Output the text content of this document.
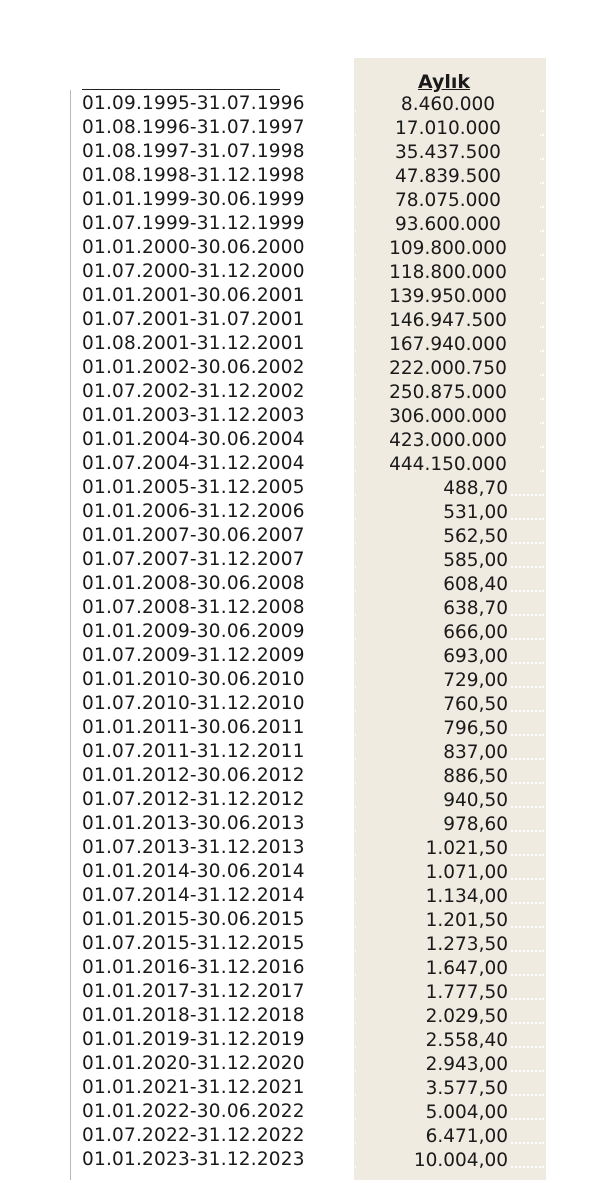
Aylık
01.09.1995-31.07.1996	8.460.000
01.08.1996-31.07.1997	17.010.000
01.08.1997-31.07.1998	35.437.500
01.08.1998-31.12.1998	47.839.500
01.01.1999-30.06.1999	78.075.000
01.07.1999-31.12.1999	93.600.000
01.01.2000-30.06.2000	109.800.000
01.07.2000-31.12.2000	118.800.000
01.01.2001-30.06.2001	139.950.000
01.07.2001-31.07.2001	146.947.500
01.08.2001-31.12.2001	167.940.000
01.01.2002-30.06.2002	222.000.750
01.07.2002-31.12.2002	250.875.000
01.01.2003-31.12.2003	306.000.000
01.01.2004-30.06.2004	423.000.000
01.07.2004-31.12.2004	444.150.000
01.01.2005-31.12.2005	488,70
01.01.2006-31.12.2006	531,00
01.01.2007-30.06.2007	562,50
01.07.2007-31.12.2007	585,00
01.01.2008-30.06.2008	608,40
01.07.2008-31.12.2008	638,70
01.01.2009-30.06.2009	666,00
01.07.2009-31.12.2009	693,00
01.01.2010-30.06.2010	729,00
01.07.2010-31.12.2010	760,50
01.01.2011-30.06.2011	796,50
01.07.2011-31.12.2011	837,00
01.01.2012-30.06.2012	886,50
01.07.2012-31.12.2012	940,50
01.01.2013-30.06.2013	978,60
01.07.2013-31.12.2013	1.021,50
01.01.2014-30.06.2014	1.071,00
01.07.2014-31.12.2014	1.134,00
01.01.2015-30.06.2015	1.201,50
01.07.2015-31.12.2015	1.273,50
01.01.2016-31.12.2016	1.647,00
01.01.2017-31.12.2017	1.777,50
01.01.2018-31.12.2018	2.029,50
01.01.2019-31.12.2019	2.558,40
01.01.2020-31.12.2020	2.943,00
01.01.2021-31.12.2021	3.577,50
01.01.2022-30.06.2022	5.004,00
01.07.2022-31.12.2022	6.471,00
01.01.2023-31.12.2023	10.004,00
